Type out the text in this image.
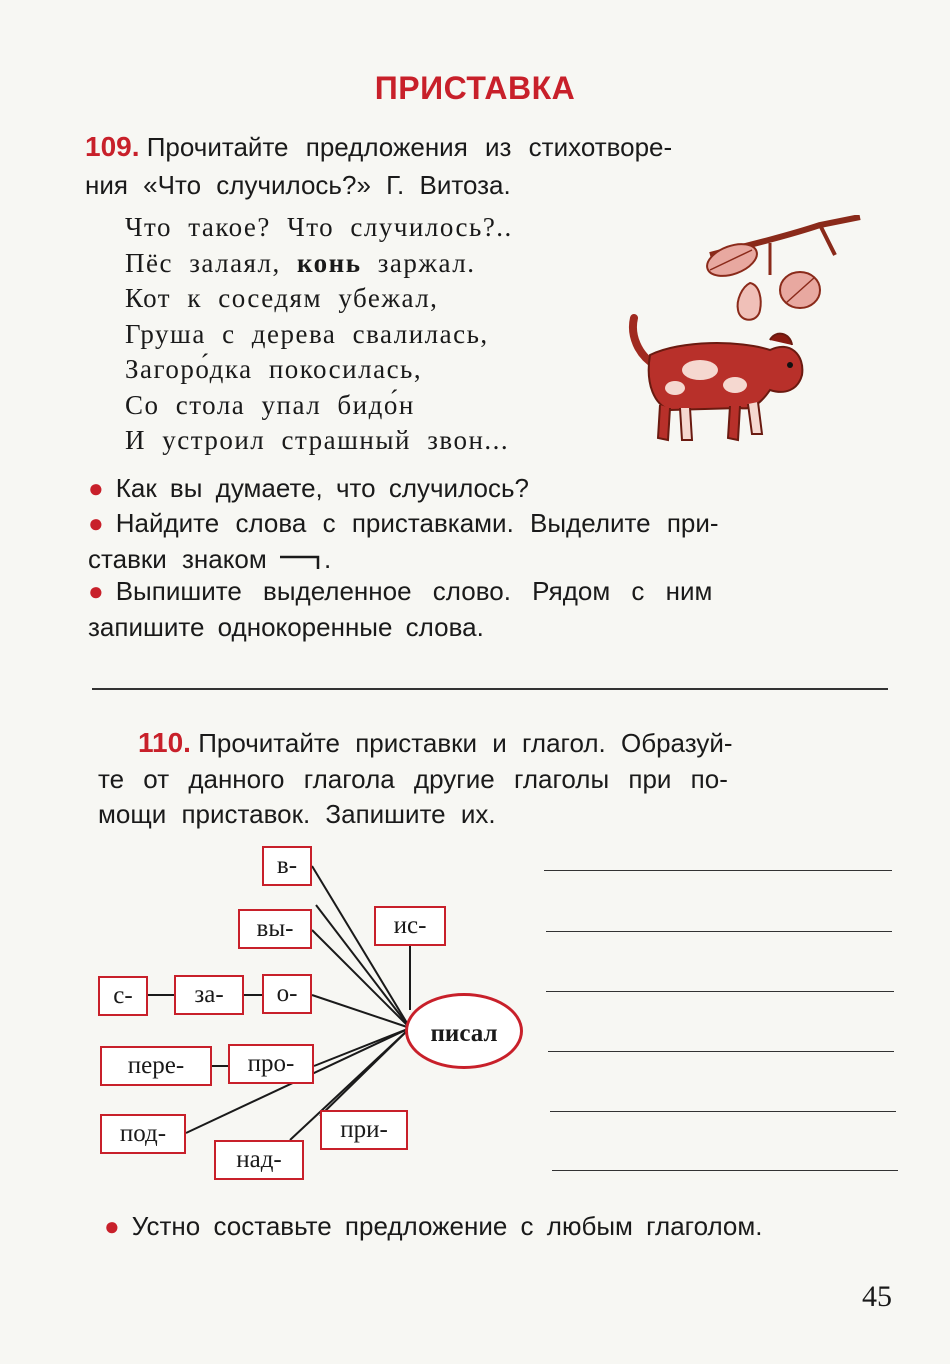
ПРИСТАВКА
109. Прочитайте предложения из стихотворе-
ния «Что случилось?» Г. Витоза.
Что такое? Что случилось?..
Пёс залаял, конь заржал.
Кот к соседям убежал,
Груша с дерева свалилась,
Загоро́дка покосилась,
Со стола упал бидо́н
И устроил страшный звон...
● Как вы думаете, что случилось?
● Найдите слова с приставками. Выделите при-
ставки знаком .
● Выпишите выделенное слово. Рядом с ним
запишите однокоренные слова.
110. Прочитайте приставки и глагол. Образуй-
те от данного глагола другие глаголы при по-
мощи приставок. Запишите их.
в-
вы-	ис-
с-	за-	о-
пере-	про-
под-
над-
при-
писал
● Устно составьте предложение с любым глаголом.
45
